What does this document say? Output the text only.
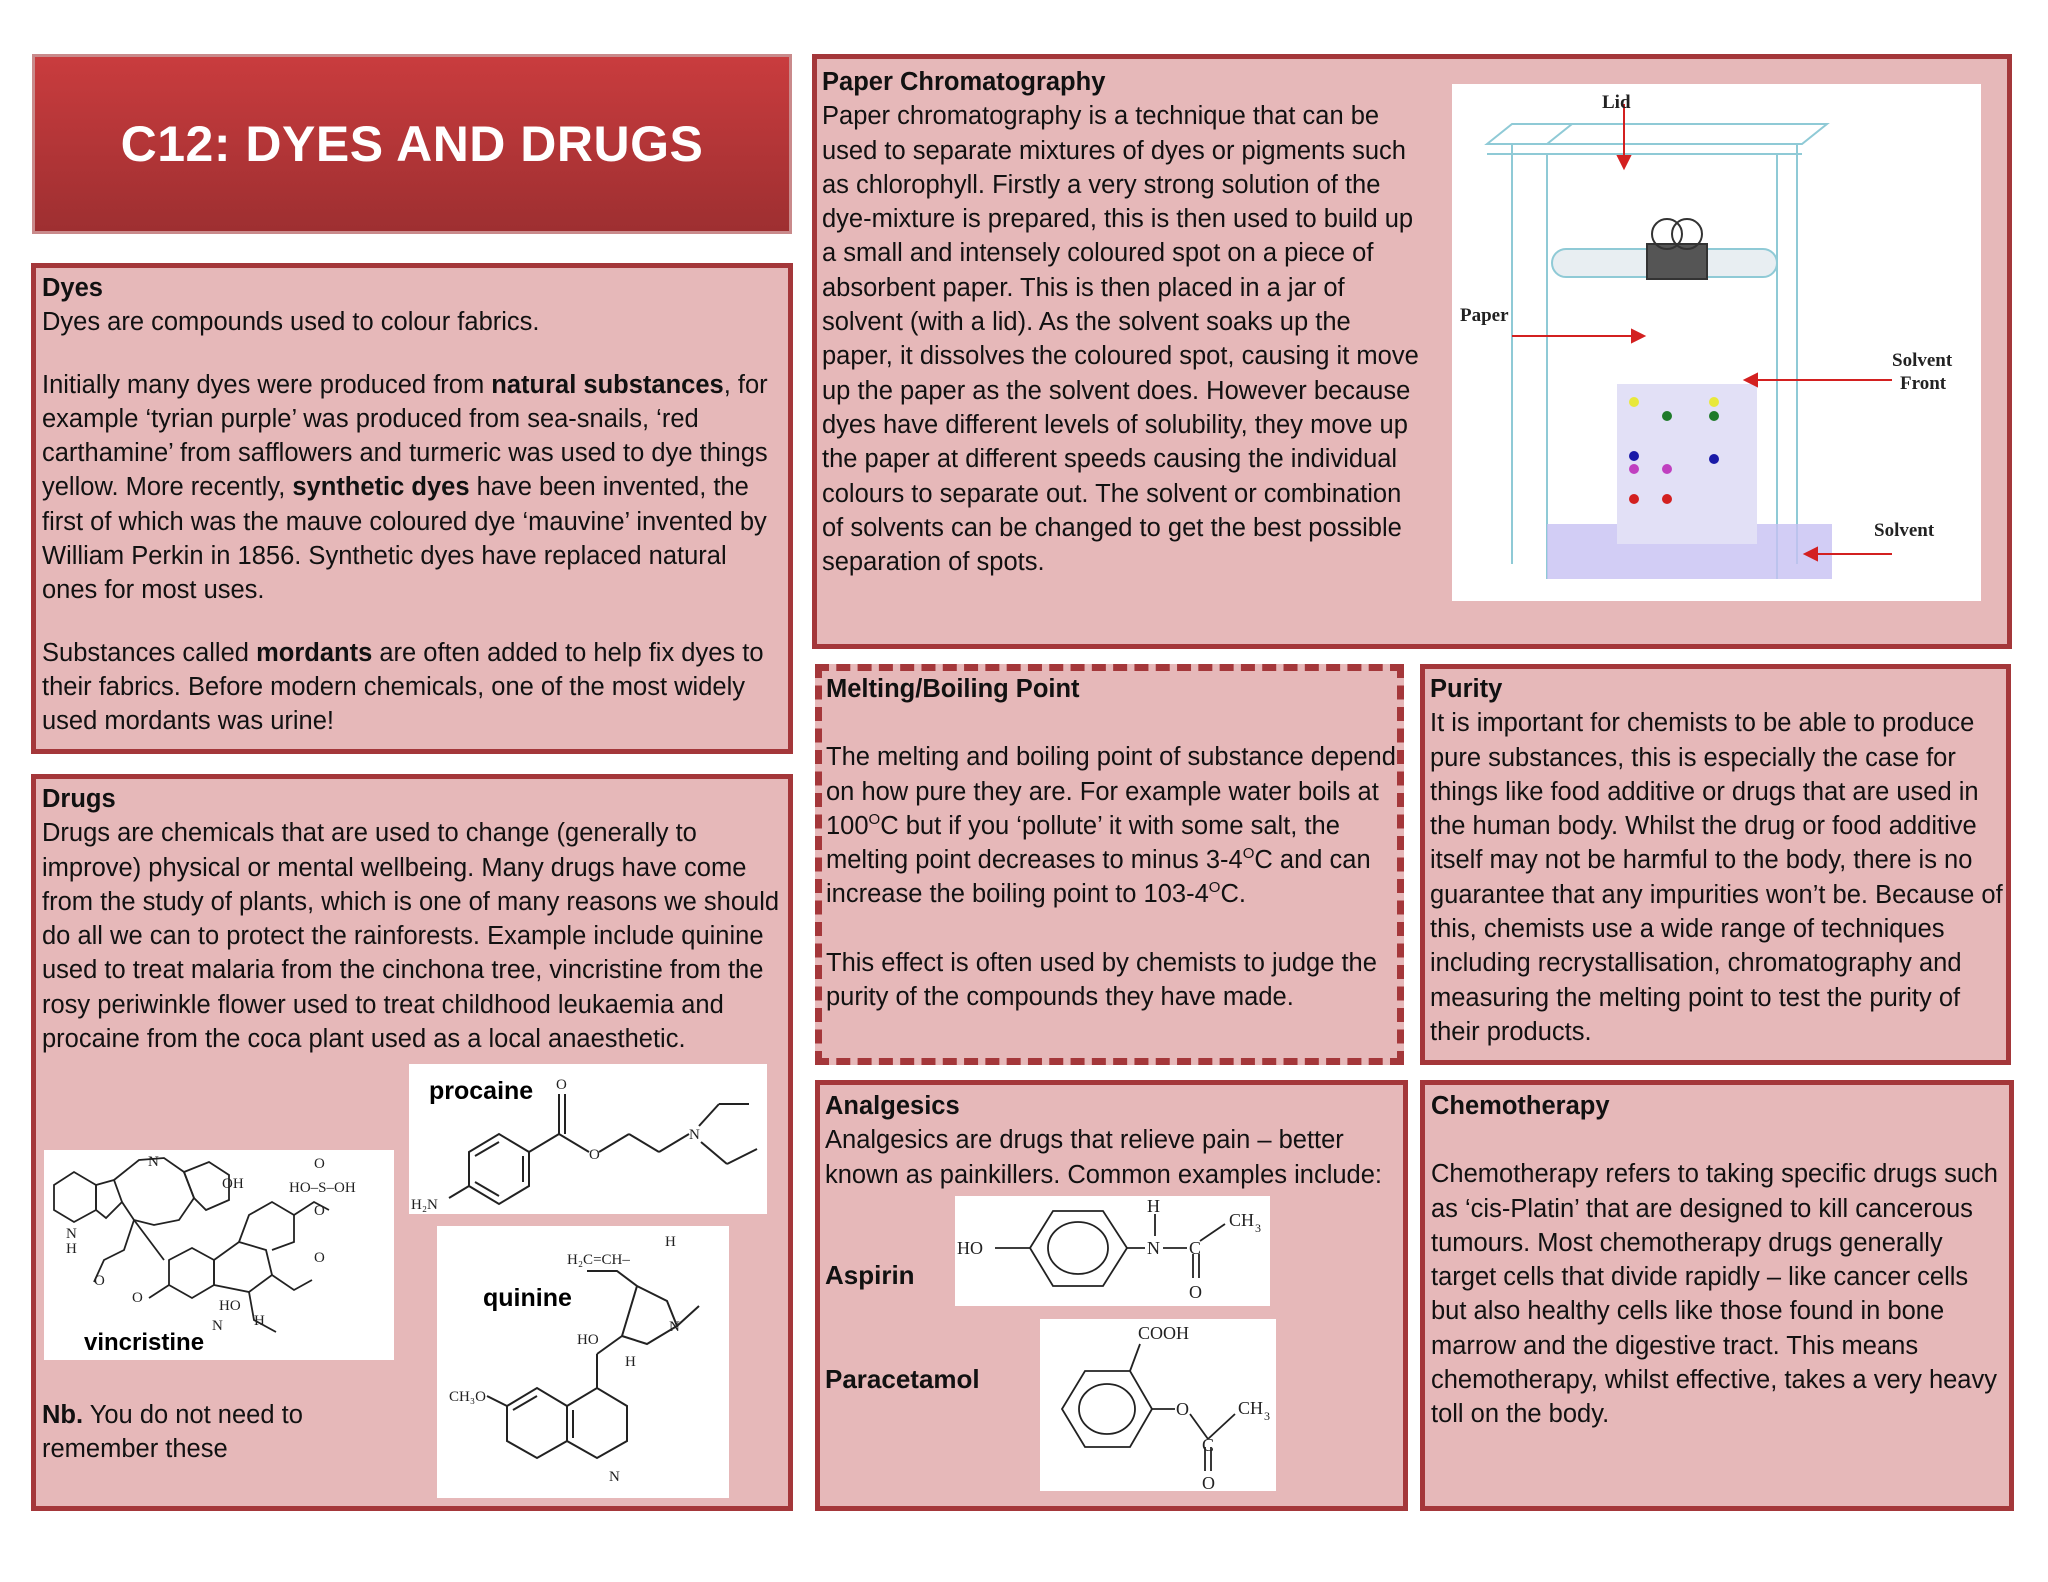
C12: DYES AND DRUGS

Dyes

Dyes are compounds used to colour fabrics.

Initially many dyes were produced from natural substances, for example ‘tyrian purple’ was produced from sea-snails, ‘red carthamine’ from safflowers and turmeric was used to dye things yellow. More recently, synthetic dyes have been invented, the first of which was the mauve coloured dye ‘mauvine’ invented by William Perkin in 1856. Synthetic dyes have replaced natural ones for most uses.

Substances called mordants are often added to help fix dyes to their fabrics. Before modern chemicals, one of the most widely used mordants was urine!

Drugs

Drugs are chemicals that are used to change (generally to improve) physical or mental wellbeing. Many drugs have come from the study of plants, which is one of many reasons we should do all we can to protect the rainforests. Example include quinine used to treat malaria from the cinchona tree, vincristine from the rosy periwinkle flower used to treat childhood leukaemia and procaine from the coca plant used as a local anaesthetic.

Nb. You do not need to remember these

procaine O
O
N
H₂N
N
H
N
OH	HO–S–OH
O
O
N
HO
H
O
O
O
vincristine
quinine
H₂C=CH–
H
N
HO
H
CH₃O
N

Paper Chromatography

Paper chromatography is a technique that can be used to separate mixtures of dyes or pigments such as chlorophyll. Firstly a very strong solution of the dye-mixture is prepared, this is then used to build up a small and intensely coloured spot on a piece of absorbent paper. This is then placed in a jar of solvent (with a lid). As the solvent soaks up the paper, it dissolves the coloured spot, causing it move up the paper as the solvent does. However because dyes have different levels of solubility, they move up the paper at different speeds causing the individual colours to separate out. The solvent or combination of solvents can be changed to get the best possible separation of spots.

Lid
Paper
Solvent
Front
Solvent

Melting/Boiling Point

The melting and boiling point of substance depend on how pure they are. For example water boils at $100^OC$ but if you ‘pollute’ it with some salt, the melting point decreases to minus $3-4^OC$ and can increase the boiling point to $103-4^OC$.

This effect is often used by chemists to judge the purity of the compounds they have made.

Purity

It is important for chemists to be able to produce pure substances, this is especially the case for things like food additive or drugs that are used in the human body. Whilst the drug or food additive itself may not be harmful to the body, there is no guarantee that any impurities won’t be. Because of this, chemists use a wide range of techniques including recrystallisation, chromatography and measuring the melting point to test the purity of their products.

Analgesics

Analgesics are drugs that relieve pain – better known as painkillers. Common examples include:

Aspirin
Paracetamol
HO
H
N C
CH 3
O
COOH
O
C
CH 3
O

Chemotherapy

Chemotherapy refers to taking specific drugs such as ‘cis-Platin’ that are designed to kill cancerous tumours. Most chemotherapy drugs generally target cells that divide rapidly – like cancer cells but also healthy cells like those found in bone marrow and the digestive tract. This means chemotherapy, whilst effective, takes a very heavy toll on the body.
